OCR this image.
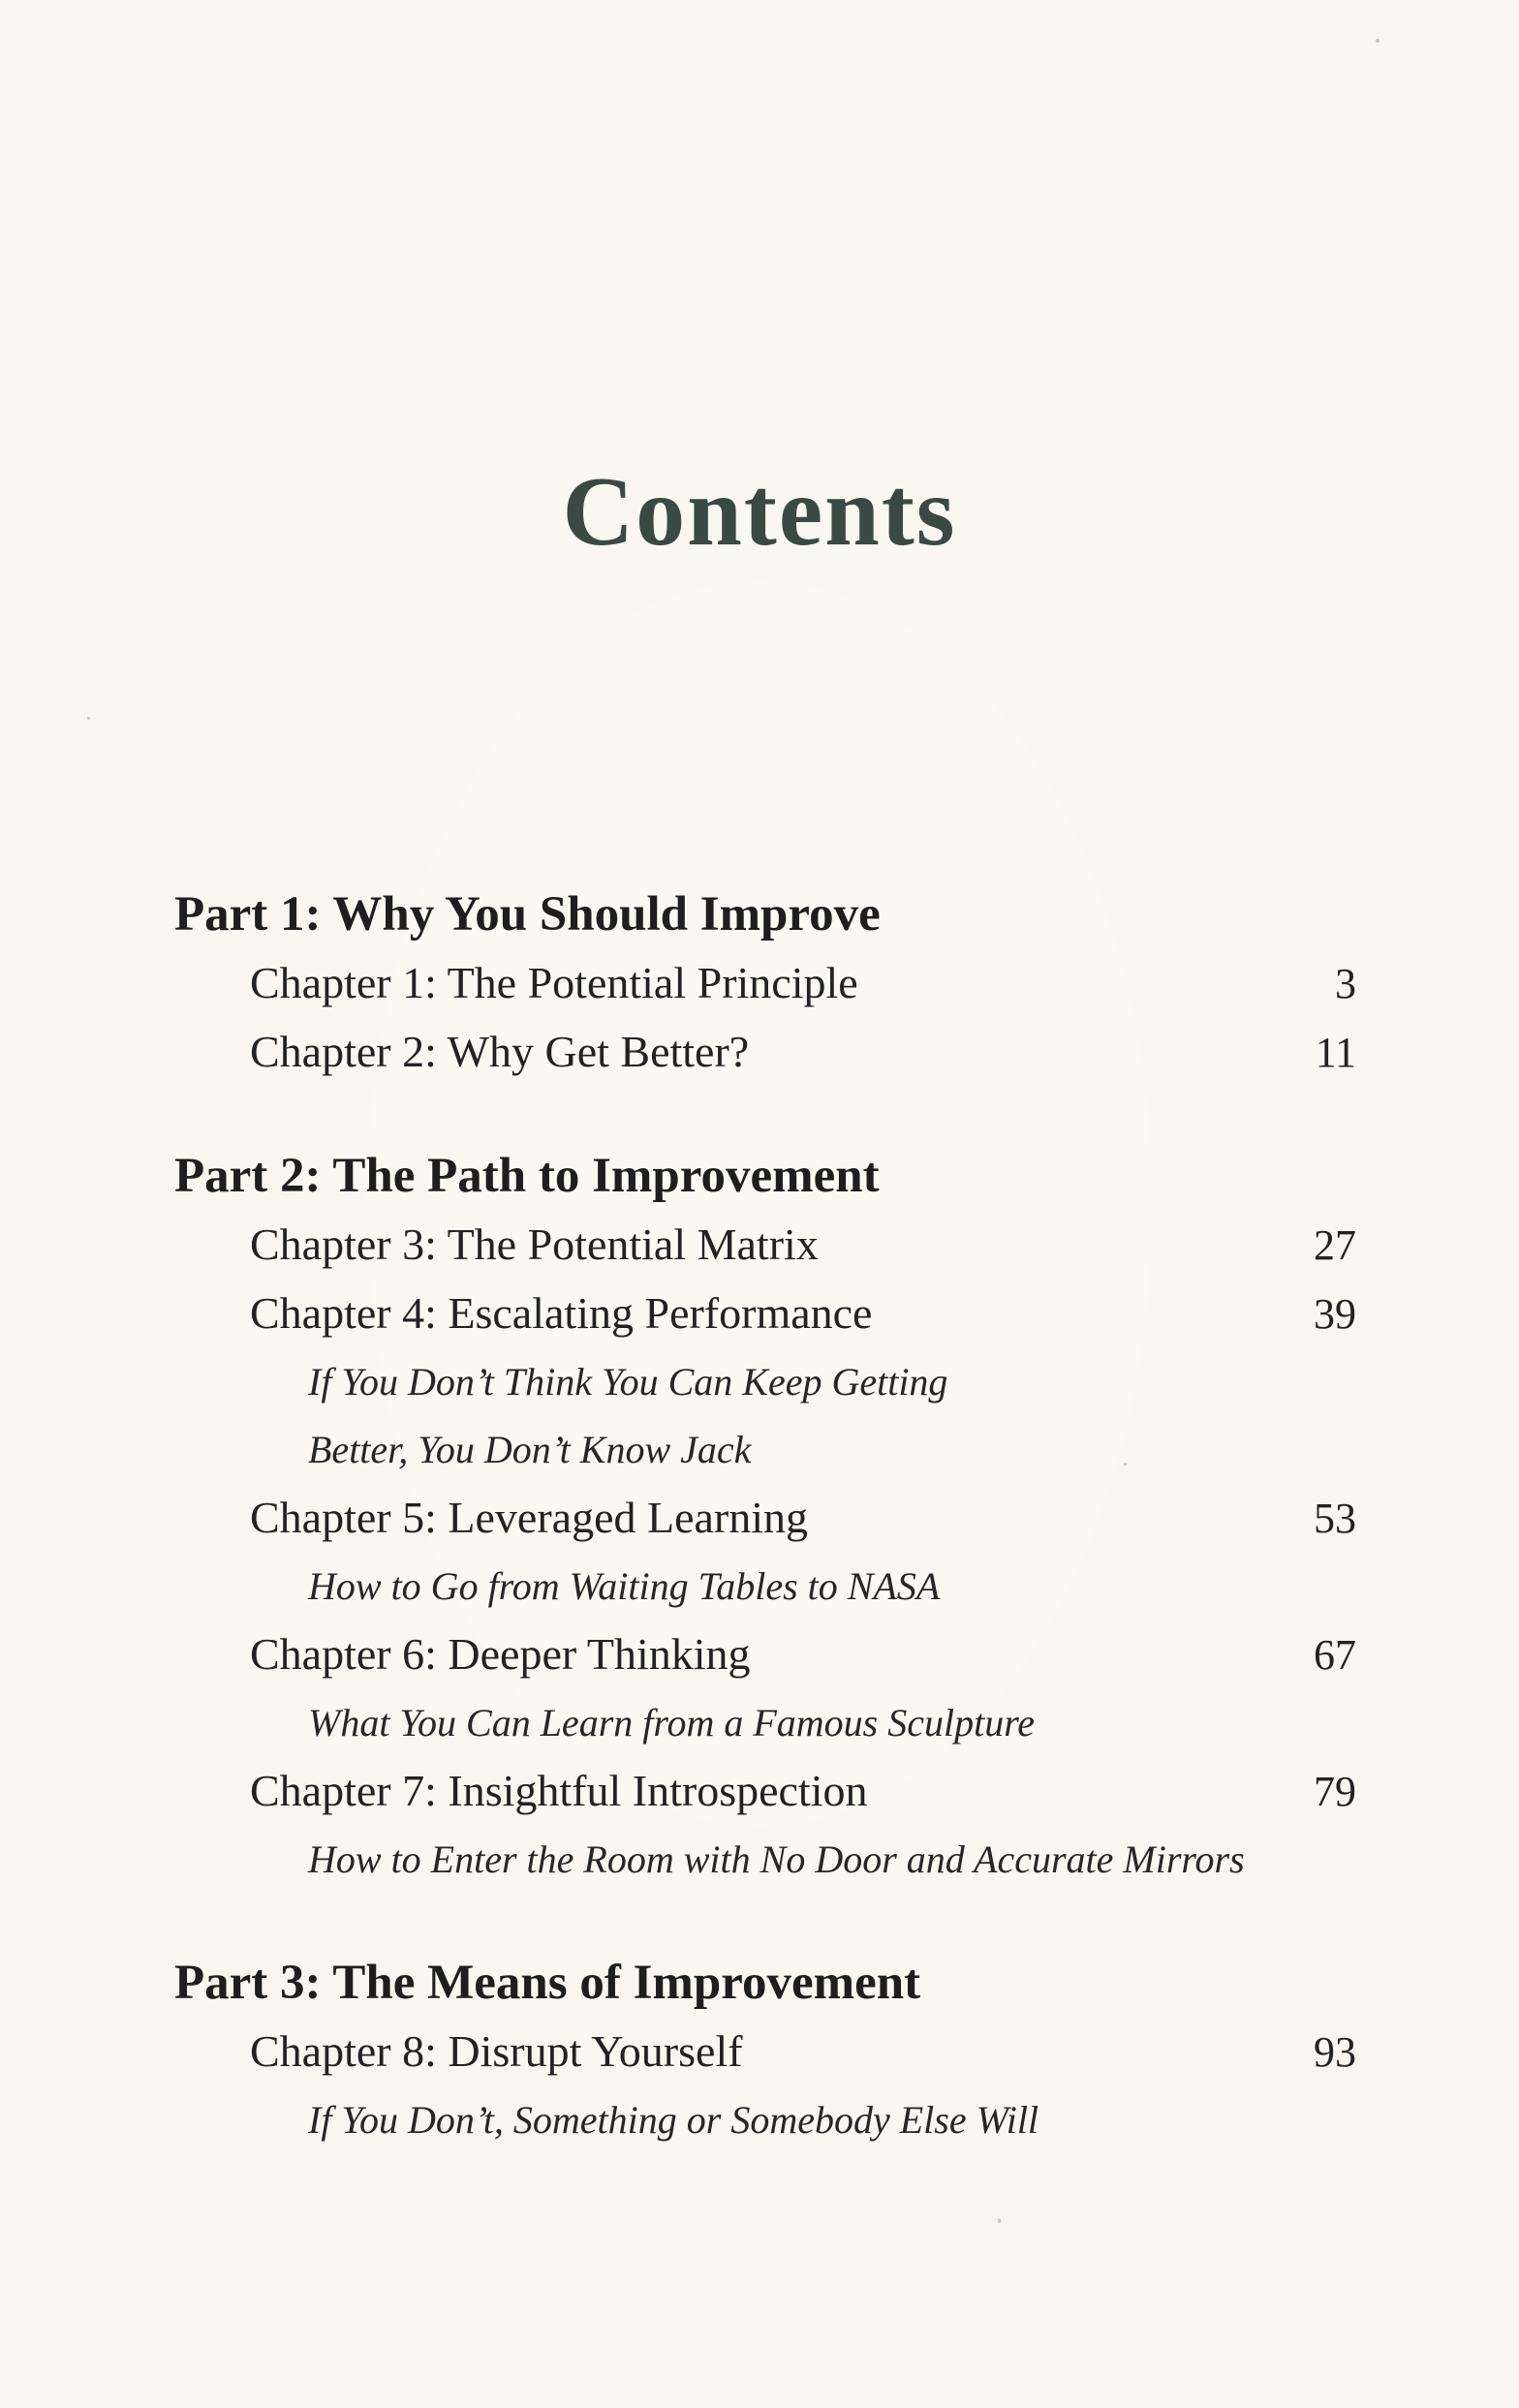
Contents
Part 1: Why You Should Improve
Chapter 1: The Potential Principle	3
Chapter 2: Why Get Better?	11
Part 2: The Path to Improvement
Chapter 3: The Potential Matrix	27
Chapter 4: Escalating Performance	39
If You Don’t Think You Can Keep Getting
Better, You Don’t Know Jack
Chapter 5: Leveraged Learning	53
How to Go from Waiting Tables to NASA
Chapter 6: Deeper Thinking	67
What You Can Learn from a Famous Sculpture
Chapter 7: Insightful Introspection	79
How to Enter the Room with No Door and Accurate Mirrors
Part 3: The Means of Improvement
Chapter 8: Disrupt Yourself	93
If You Don’t, Something or Somebody Else Will
